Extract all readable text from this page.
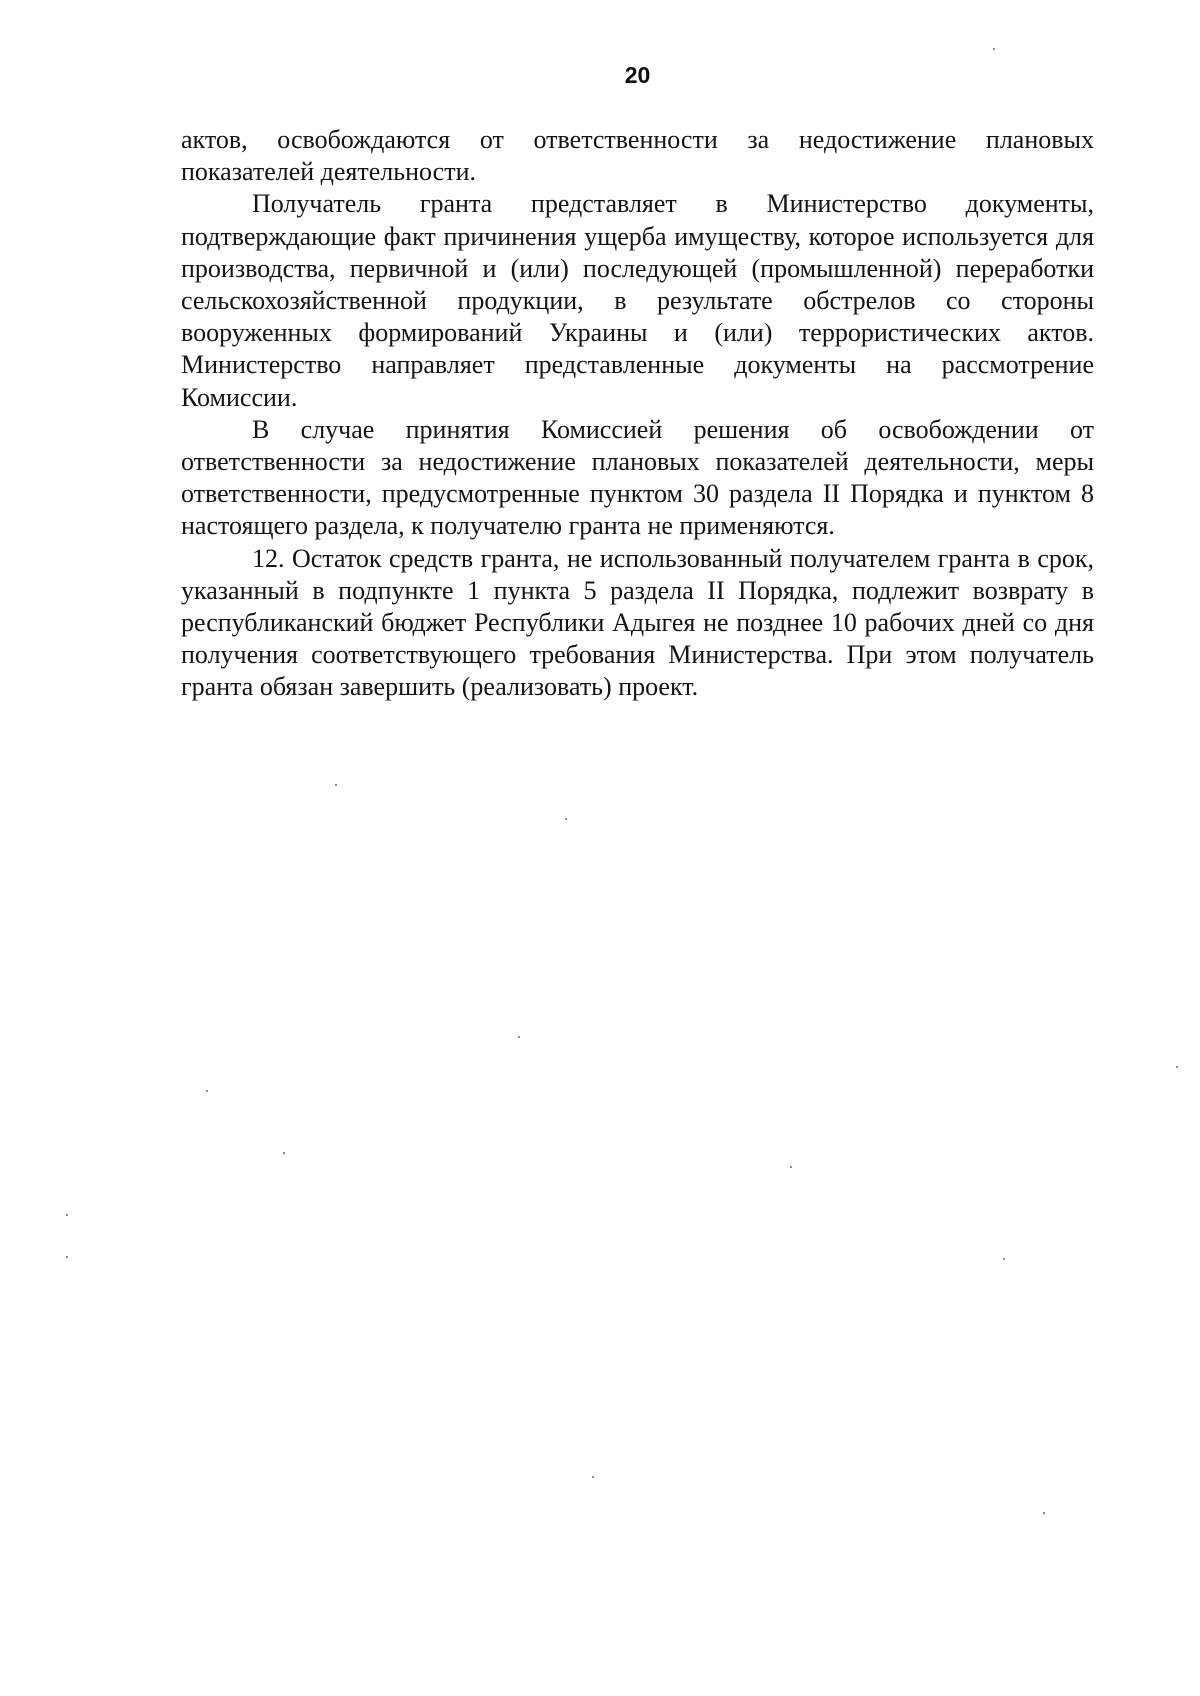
20

актов, освобождаются от ответственности за недостижение плановых показателей деятельности.

Получатель гранта представляет в Министерство документы, подтверждающие факт причинения ущерба имуществу, которое используется для производства, первичной и (или) последующей (промышленной) переработки сельскохозяйственной продукции, в результате обстрелов со стороны вооруженных формирований Украины и (или) террористических актов. Министерство направляет представленные документы на рассмотрение Комиссии.

В случае принятия Комиссией решения об освобождении от ответственности за недостижение плановых показателей деятельности, меры ответственности, предусмотренные пунктом 30 раздела II Порядка и пунктом 8 настоящего раздела, к получателю гранта не применяются.

12. Остаток средств гранта, не использованный получателем гранта в срок, указанный в подпункте 1 пункта 5 раздела II Порядка, подлежит возврату в республиканский бюджет Республики Адыгея не позднее 10 рабочих дней со дня получения соответствующего требования Министерства. При этом получатель гранта обязан завершить (реализовать) проект.
